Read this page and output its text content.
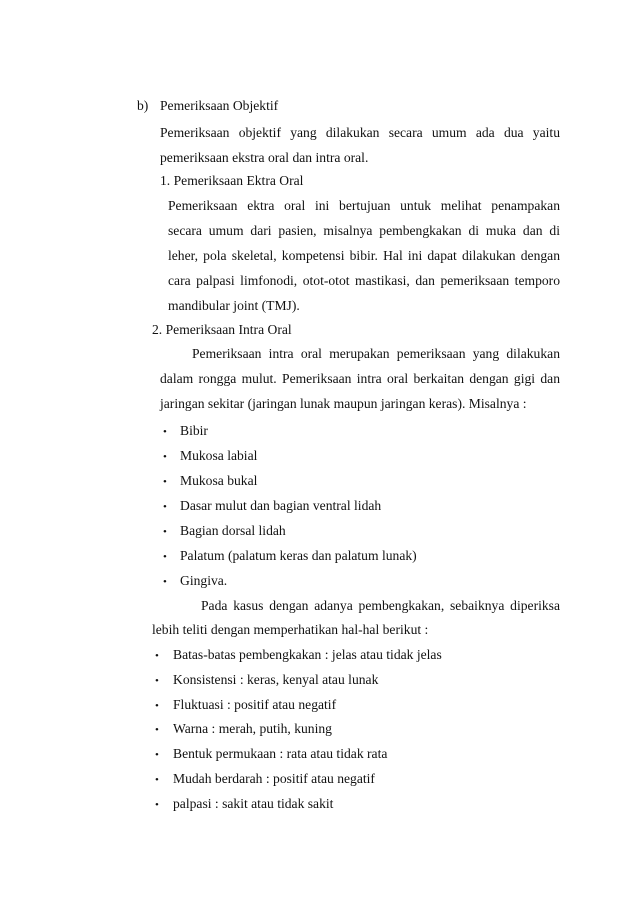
b) Pemeriksaan Objektif
Pemeriksaan objektif yang dilakukan secara umum ada dua yaitu
pemeriksaan ekstra oral dan intra oral.
1. Pemeriksaan Ektra Oral
Pemeriksaan ektra oral ini bertujuan untuk melihat penampakan
secara umum dari pasien, misalnya pembengkakan di muka dan di
leher, pola skeletal, kompetensi bibir. Hal ini dapat dilakukan dengan
cara palpasi limfonodi, otot-otot mastikasi, dan pemeriksaan temporo
mandibular joint (TMJ).
2. Pemeriksaan Intra Oral
Pemeriksaan intra oral merupakan pemeriksaan yang dilakukan
dalam rongga mulut. Pemeriksaan intra oral berkaitan dengan gigi dan
jaringan sekitar (jaringan lunak maupun jaringan keras). Misalnya :
• Bibir
• Mukosa labial
• Mukosa bukal
• Dasar mulut dan bagian ventral lidah
• Bagian dorsal lidah
• Palatum (palatum keras dan palatum lunak)
• Gingiva.
Pada kasus dengan adanya pembengkakan, sebaiknya diperiksa
lebih teliti dengan memperhatikan hal-hal berikut :
• Batas-batas pembengkakan : jelas atau tidak jelas
• Konsistensi : keras, kenyal atau lunak
• Fluktuasi : positif atau negatif
• Warna : merah, putih, kuning
• Bentuk permukaan : rata atau tidak rata
• Mudah berdarah : positif atau negatif
• palpasi : sakit atau tidak sakit
